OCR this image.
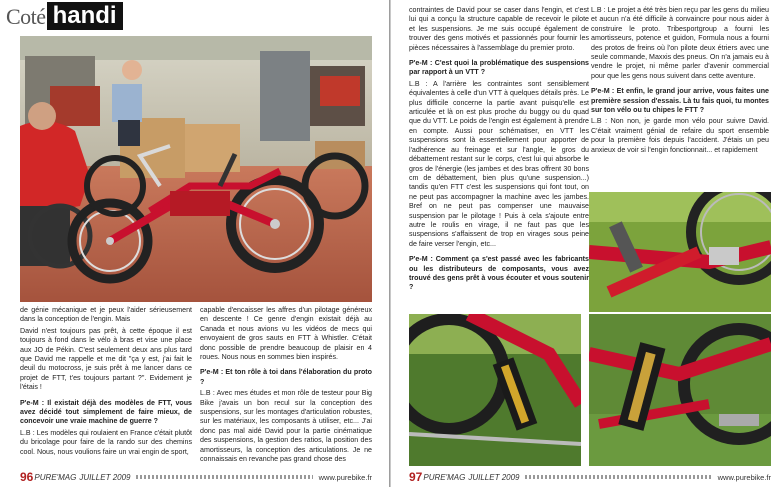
Coté handi

de génie mécanique et je peux l'aider sérieusement dans la conception de l'engin. Mais

David n'est toujours pas prêt, à cette époque il est toujours à fond dans le vélo à bras et vise une place aux JO de Pékin. C'est seulement deux ans plus tard que David me rappelle et me dit "ça y est, j'ai fait le deuil du motocross, je suis prêt à me lancer dans ce projet de FTT, t'es toujours partant ?". Evidement je l'étais !

P'e-M : Il existait déjà des modèles de FTT, vous avez décidé tout simplement de faire mieux, de concevoir une vraie machine de guerre ?

L.B : Les modèles qui roulaient en France c'était plutôt du bricolage pour faire de la rando sur des chemins cool. Nous, nous voulions faire un vrai engin de sport,

capable d'encaisser les affres d'un pilotage généreux en descente ! Ce genre d'engin existait déjà au Canada et nous avions vu les vidéos de mecs qui envoyaient de gros sauts en FTT à Whistler. C'était donc possible de prendre beaucoup de plaisir en 4 roues. Nous nous en sommes bien inspirés.

P'e-M : Et ton rôle à toi dans l'élaboration du proto ?

L.B : Avec mes études et mon rôle de testeur pour Big Bike j'avais un bon recul sur la conception des suspensions, sur les montages d'articulation robustes, sur les matériaux, les composants à utiliser, etc... J'ai donc pas mal aidé David pour la partie cinématique des suspensions, la gestion des ratios, la position des amortisseurs, la conception des articulations. Je ne connaissais en revanche pas grand chose des

96 PURE'MAG JUILLET 2009	www.purebike.fr

contraintes de David pour se caser dans l'engin, et c'est lui qui a conçu la structure capable de recevoir le pilote et les suspensions. Je me suis occupé également de trouver des gens motivés et passionnés pour fournir les pièces nécessaires à l'assemblage du premier proto.

P'e-M : C'est quoi la problématique des suspensions par rapport à un VTT ?

L.B : A l'arrière les contraintes sont sensiblement équivalentes à celle d'un VTT à quelques détails près. Le plus difficile concerne la partie avant puisqu'elle est articulée et là on est plus proche du buggy ou du quad que du VTT. Le poids de l'engin est également à prendre en compte. Aussi pour schématiser, en VTT les suspensions sont là essentiellement pour apporter de l'adhérence au freinage et sur l'angle, le gros du débattement restant sur le corps, c'est lui qui absorbe le gros de l'énergie (les jambes et des bras offrent 30 bons cm de débattement, bien plus qu'une suspension...) tandis qu'en FTT c'est les suspensions qui font tout, on ne peut pas accompagner la machine avec les jambes. Bref on ne peut pas compenser une mauvaise suspension par le pilotage ! Puis à cela s'ajoute entre autre le roulis en virage, il ne faut pas que les suspensions s'affaissent de trop en virages sous peine de faire verser l'engin, etc...

P'e-M : Comment ça s'est passé avec les fabricants ou les distributeurs de composants, vous avez trouvé des gens prêt à vous écouter et vous soutenir ?

L.B : Le projet a été très bien reçu par les gens du milieu et aucun n'a été difficile à convaincre pour nous aider à construire le proto. Tribesportgroup a fourni les amortisseurs, potence et guidon, Formula nous a fourni des protos de freins où l'on pilote deux étriers avec une seule commande, Maxxis des pneus. On n'a jamais eu à vendre le projet, ni même parler d'avenir commercial pour que les gens nous suivent dans cette aventure.

P'e-M : Et enfin, le grand jour arrive, vous faites une première session d'essais. Là tu fais quoi, tu montes sur ton vélo ou tu chipes le FTT ?

L.B : Non non, je garde mon vélo pour suivre David. C'était vraiment génial de refaire du sport ensemble pour la première fois depuis l'accident. J'étais un peu anxieux de voir si l'engin fonctionnait... et rapidement

97 PURE'MAG JUILLET 2009	www.purebike.fr
